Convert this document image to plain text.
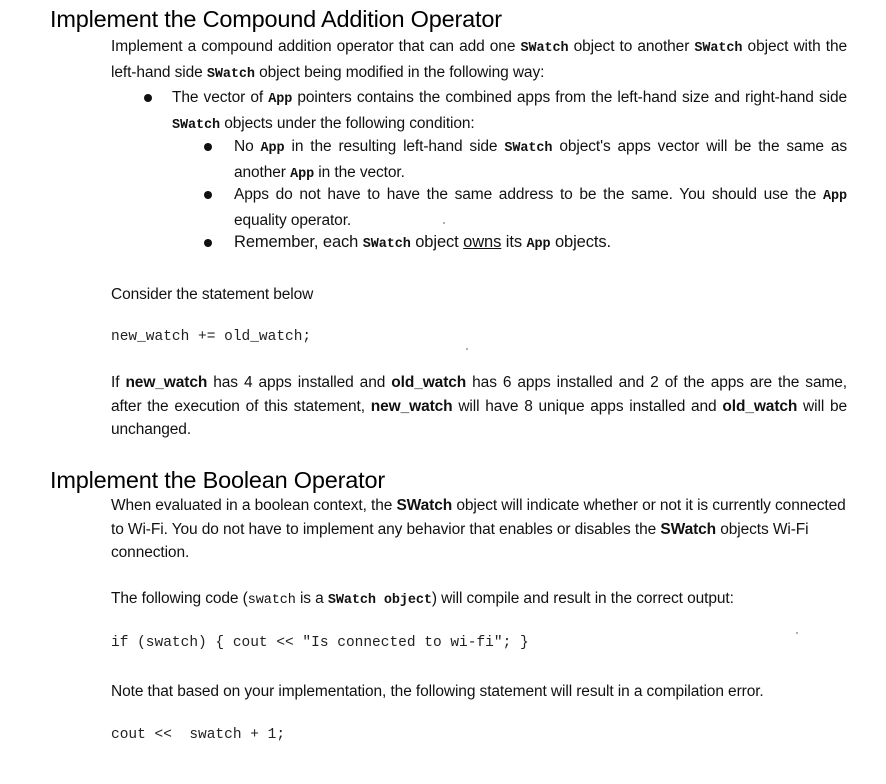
Implement the Compound Addition Operator

Implement a compound addition operator that can add one SWatch object to another SWatch object with the left-hand side SWatch object being modified in the following way:

The vector of App pointers contains the combined apps from the left-hand size and right-hand side SWatch objects under the following condition:

No App in the resulting left-hand side SWatch object's apps vector will be the same as another App in the vector.

Apps do not have to have the same address to be the same. You should use the App equality operator.

Remember, each SWatch object owns its App objects.

Consider the statement below

new_watch += old_watch;

If new_watch has 4 apps installed and old_watch has 6 apps installed and 2 of the apps are the same, after the execution of this statement, new_watch will have 8 unique apps installed and old_watch will be unchanged.

Implement the Boolean Operator

When evaluated in a boolean context, the SWatch object will indicate whether or not it is currently connected to Wi-Fi. You do not have to implement any behavior that enables or disables the SWatch objects Wi-Fi connection.

The following code (swatch is a SWatch object) will compile and result in the correct output:

if (swatch) { cout << "Is connected to wi-fi"; }

Note that based on your implementation, the following statement will result in a compilation error.

cout <<  swatch + 1;
